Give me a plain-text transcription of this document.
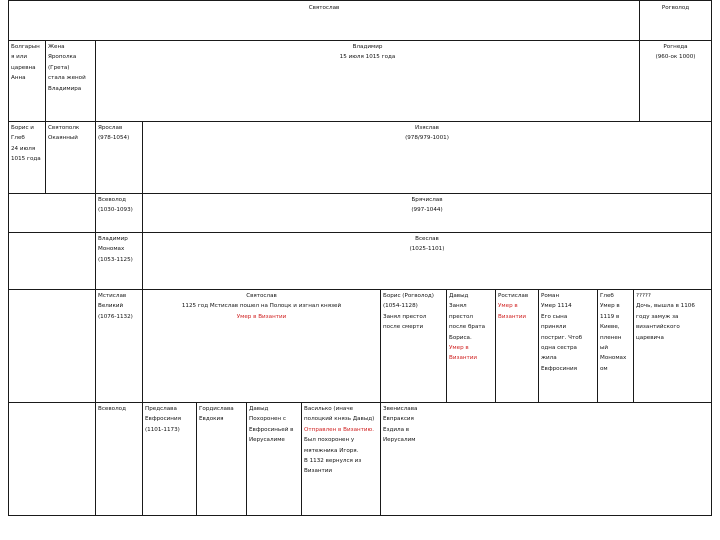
Святослав	Рогволод
Болгарын
я или
царевна
Анна
Жена
Ярополка
(Грета)
стала женой
Владимира
Владимир
15 июля 1015 года
Рогнеда
(960-ок 1000)
Борис и
Глеб
24 июля
1015 года
Святополк
Окаянный
Ярослав
(978-1054)
Изяслав
(978/979-1001)
Всеволод
(1030-1093)
Брячислав
(997-1044)
Владимир
Мономах
(1053-1125)
Всеслав
(1025-1101)
Мстислав
Великий
(1076-1132)
Святослав
1125 год Мстислав пошел на Полоцк и изгнал князей
Умер в Византии
Борис (Рогволод)
(1054-1128)
Занял престол
после смерти
Давыд
Занял
престол
после брата
Бориса.
Умер в
Византии
Ростислав
Умер в
Византии
Роман
Умер 1114
Его сына
приняли
постриг. Чтоб
одна сестра
жила
Евфросиния
Глеб
Умер в
1119 в
Киеве,
пленен
ый
Мономах
ом
?????
Дочь, вышла в 1106
году замуж за
византийского
царевича
Всеволод	Предслава
Евфросиния
(1101-1173)
Гордислава
Евдокия
Давыд
Похоронен с
Евфросиньей в
Иерусалиме
Василько (иначе
полоцкий князь Давыд)
Отправлен в Византию.
Был похоронен у
мятежника Игоря.
В 1132 вернулся из
Византии
Звенислава
Евпраксия
Ездила в
Иерусалим
